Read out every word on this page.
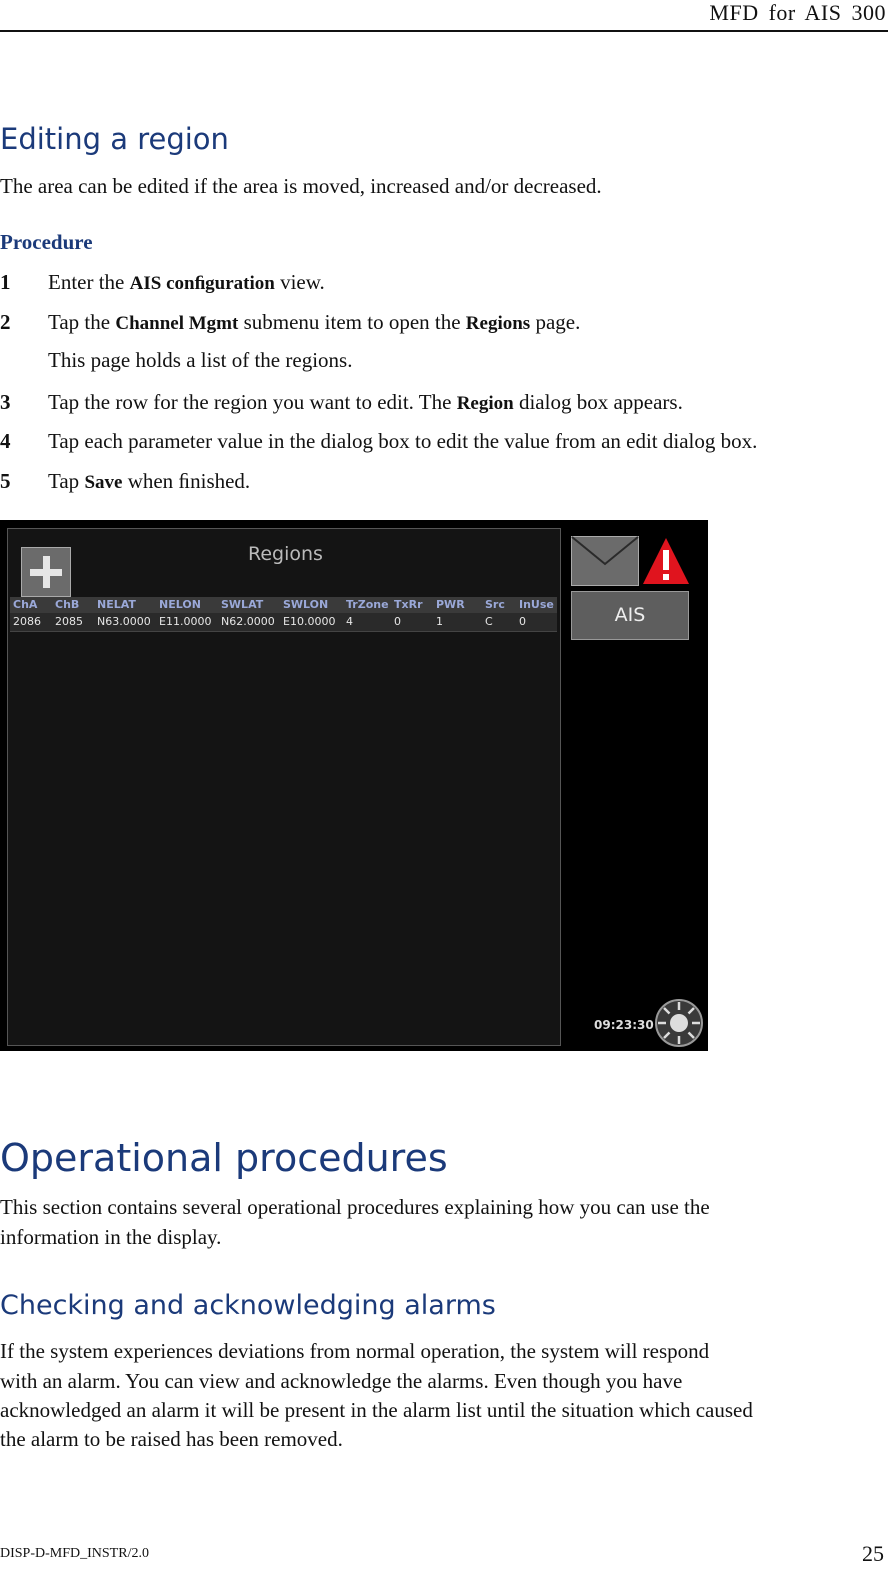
MFD for AIS 300
Editing a region

The area can be edited if the area is moved, increased and/or decreased.

Procedure
1 Enter the AIS conﬁguration view.
2 Tap the Channel Mgmt submenu item to open the Regions page.
This page holds a list of the regions.
3 Tap the row for the region you want to edit. The Region dialog box appears.
4 Tap each parameter value in the dialog box to edit the value from an edit dialog box.
5 Tap Save when ﬁnished.
Regions
ChA ChB NELAT NELON SWLAT SWLON TrZone TxRr PWR Src InUse
2086 2085 N63.0000 E11.0000 N62.0000 E10.0000 4	0	1	C 0	AIS
09:23:30
Operational procedures

This section contains several operational procedures explaining how you can use the

information in the display.

Checking and acknowledging alarms

If the system experiences deviations from normal operation, the system will respond

with an alarm. You can view and acknowledge the alarms. Even though you have

acknowledged an alarm it will be present in the alarm list until the situation which caused

the alarm to be raised has been removed.

DISP-D-MFD_INSTR/2.0	25
